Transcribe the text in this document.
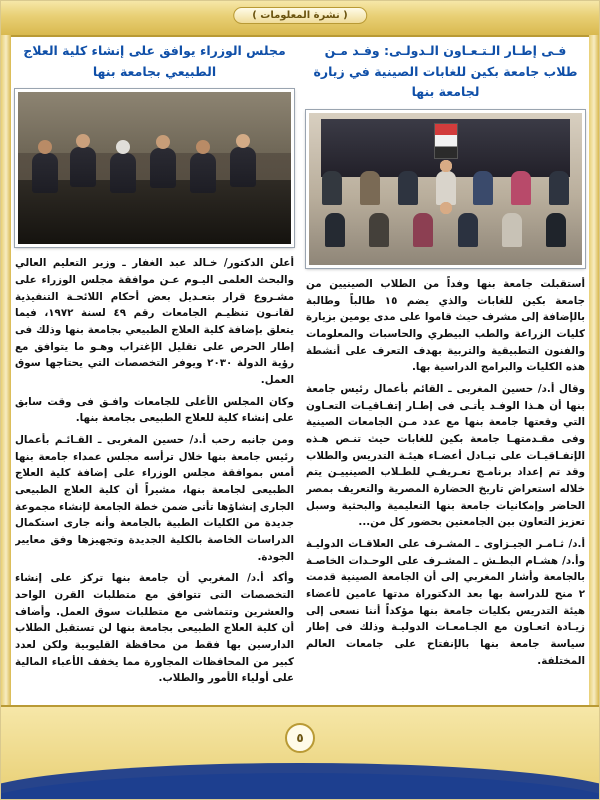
( نشرة المعلومات )
فـى إطـار الـتـعـاون الـدولـى: وفـد مـن طلاب جامعة بكين للغابات الصينية في زيارة لجامعة بنها

أستقبلت جامعة بنها وفداً من الطلاب الصينيين من جامعة بكين للغابات والذي يضم ١٥ طالباً وطالبة بالإضافة إلى مشرف حيث قاموا على مدى يومين بزيارة كليات الزراعة والطب البيطري والحاسبات والمعلومات والفنون التطبيقية والتربية بهدف التعرف على أنشطة هذه الكليات والبرامج الدراسية بها.

وقال أ.د/ حسين المغربى ـ القائم بأعمال رئيس جامعة بنها أن هـذا الوفـد يأتـى فى إطـار إتفـاقيـات التعـاون التي وقعتها جامعة بنها مع عدد مـن الجامعات الصينية وفى مقـدمتهـا جامعة بكين للغابات حيث تنـص هـذه الإتفـاقيـات على تبـادل أعضـاء هيئـة التدريس والطلاب وقد تم إعداد برنامـج تعـريفـي للطـلاب الصينييـن يتم خلاله استعراض تاريخ الحضارة المصرية والتعريف بمصر الحاضر وإمكانيات جامعة بنها التعليمية والبحثية وسبل تعزيز التعاون بين الجامعتين بحضور كل من...

أ.د/ ثـامـر الجيـزاوى ـ المشـرف على العلاقـات الدوليـة وأ.د/ هشـام البطـش ـ المشـرف على الوحـدات الخاصـة بالجامعة وأشار المغربي إلى أن الجامعة الصينية قدمت ٢ منح للدراسة بها بعد الدكتوراة مدتها عامين لأعضاء هيئة التدريس بكليات جامعة بنها مؤكداً أننا نسعى إلى زيـادة اتعـاون مع الجـامعـات الدوليـة وذلك فى إطار سياسة جامعة بنها بالإنفتاح على جامعات العالم المختلفة.

مجلس الوزراء يوافق على إنشاء كلية العلاج الطبيعي بجامعة بنها

أعلن الدكتور/ خـالد عبد الغفار ـ وزير التعليم العالي والبحث العلمى اليـوم عـن موافقة مجلس الوزراء على مشـروع قرار بتعـديل بعض أحكام اللائحـة التنفيذية لقانـون تنظيـم الجامعات رقم ٤٩ لسنة ١٩٧٢، فيما يتعلق بإضافة كلية العلاج الطبيعي بجامعة بنها وذلك فى إطار الحرص على تقليل الإغتراب وهـو ما يتوافق مع رؤية الدولة ٢٠٣٠ ويوفر التخصصات التي يحتاجها سوق العمل.

وكان المجلس الأعلى للجامعات وافـق فى وقت سابق على إنشاء كلية للعلاج الطبيعى بجامعة بنها.

ومن جانبه رحب أ.د/ حسين المغربى ـ القـائـم بأعمال رئيس جامعة بنها خلال ترأسه مجلس عمداء جامعة بنها أمس بموافقة مجلس الوزراء على إضافة كلية العلاج الطبيعى لجامعة بنها، مشيراً أن كلية العلاج الطبيعى الجارى إنشاؤها تأتى ضمن خطة الجامعة لإنشاء مجموعة جديدة من الكليات الطبية بالجامعة وأنه جارى استكمال الدراسات الخاصة بالكلية الجديدة وتجهيزها وفق معايير الجودة.

وأكد أ.د/ المغربي أن جامعة بنها تركز على إنشاء التخصصات التى تتوافق مع متطلبات القرن الواحد والعشرين وتتماشى مع متطلبات سوق العمل. وأضاف أن كلية العلاج الطبيعى بجامعة بنها لن تستقبل الطلاب الدارسين بها فقط من محافظة القليوبية ولكن لعدد كبير من المحافظات المجاورة مما يخفف الأعباء المالية على أولياء الأمور والطلاب.

٥
